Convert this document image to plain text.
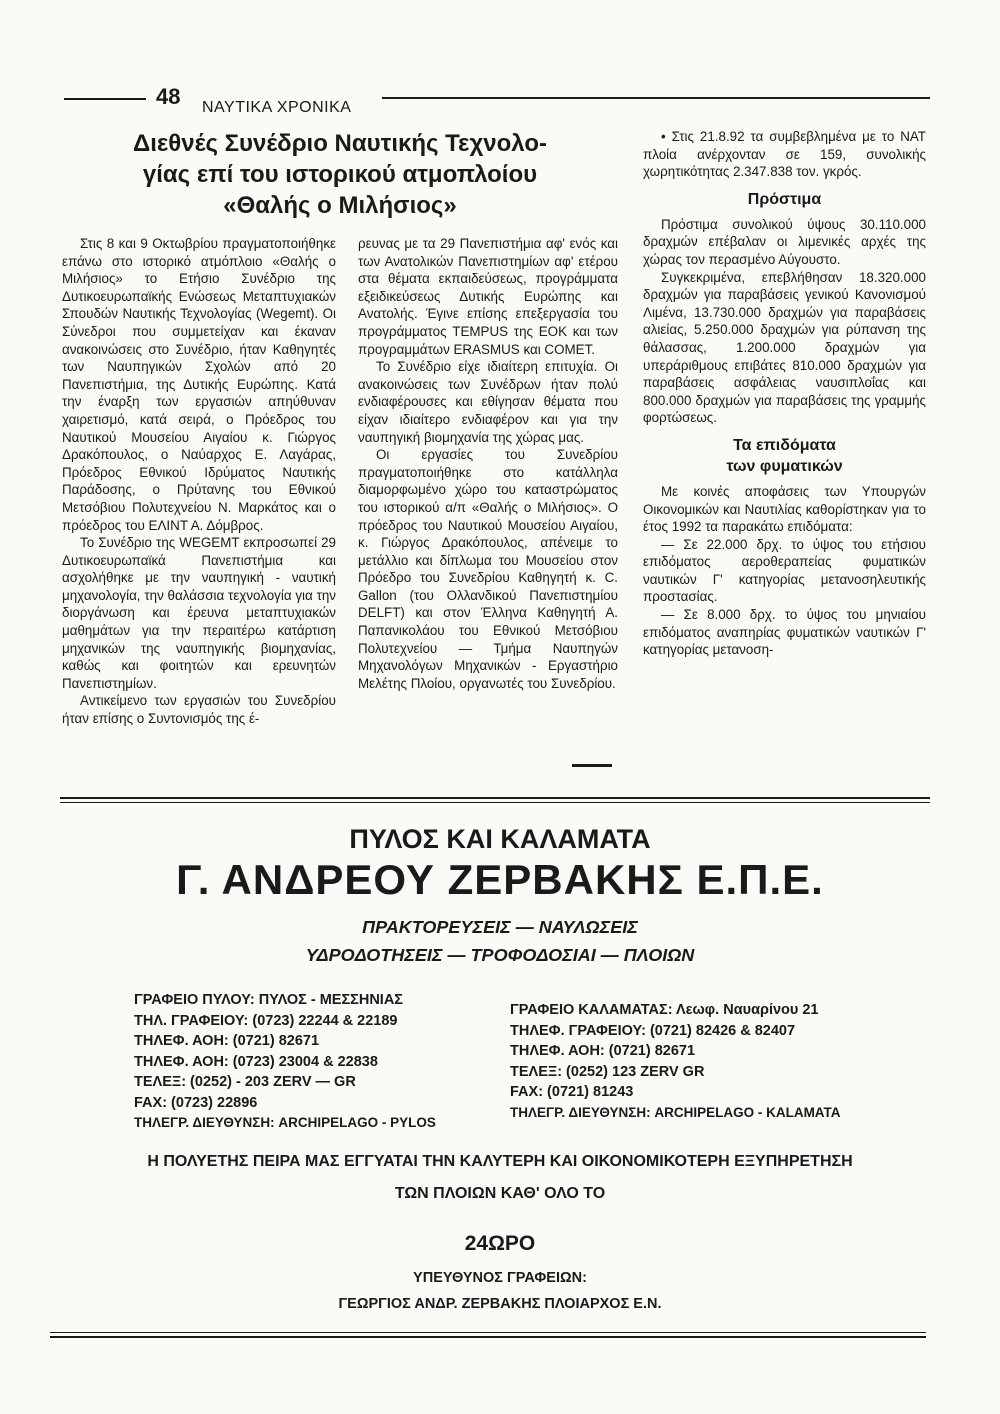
48 ΝΑΥΤΙΚΑ ΧΡΟΝΙΚΑ
Διεθνές Συνέδριο Ναυτικής Τεχνολο-
γίας επί του ιστορικού ατμοπλοίου
«Θαλής ο Μιλήσιος»

Στις 8 και 9 Οκτωβρίου πραγματοποιήθηκε επάνω στο ιστορικό ατμόπλοιο «Θαλής ο Μιλήσιος» το Ετήσιο Συνέδριο της Δυτικοευρωπαϊκής Ενώσεως Μεταπτυχιακών Σπουδών Ναυτικής Τεχνολογίας (Wegemt). Οι Σύνεδροι που συμμετείχαν και έκαναν ανακοινώσεις στο Συνέδριο, ήταν Καθηγητές των Ναυπηγικών Σχολών από 20 Πανεπιστήμια, της Δυτικής Ευρώπης. Κατά την έναρξη των εργασιών απηύθυναν χαιρετισμό, κατά σειρά, ο Πρόεδρος του Ναυτικού Μουσείου Αιγαίου κ. Γιώργος Δρακόπουλος, ο Ναύαρχος Ε. Λαγάρας, Πρόεδρος Εθνικού Ιδρύματος Ναυτικής Παράδοσης, ο Πρύτανης του Εθνικού Μετσόβιου Πολυτεχνείου Ν. Μαρκάτος και ο πρόεδρος του ΕΛΙΝΤ Α. Δόμβρος.

Το Συνέδριο της WEGEMT εκπροσωπεί 29 Δυτικοευρωπαϊκά Πανεπιστήμια και ασχολήθηκε με την ναυπηγική - ναυτική μηχανολογία, την θαλάσσια τεχνολογία για την διοργάνωση και έρευνα μεταπτυχιακών μαθημάτων για την περαιτέρω κατάρτιση μηχανικών της ναυπηγικής βιομηχανίας, καθώς και φοιτητών και ερευνητών Πανεπιστημίων.

Αντικείμενο των εργασιών του Συνεδρίου ήταν επίσης ο Συντονισμός της έ-

ρευνας με τα 29 Πανεπιστήμια αφ' ενός και των Ανατολικών Πανεπιστημίων αφ' ετέρου στα θέματα εκπαιδεύσεως, προγράμματα εξειδικεύσεως Δυτικής Ευρώπης και Ανατολής. Έγινε επίσης επεξεργασία του προγράμματος TEMPUS της ΕΟΚ και των προγραμμάτων ERASMUS και COMET.

Το Συνέδριο είχε ιδιαίτερη επιτυχία. Οι ανακοινώσεις των Συνέδρων ήταν πολύ ενδιαφέρουσες και εθίγησαν θέματα που είχαν ιδιαίτερο ενδιαφέρον και για την ναυπηγική βιομηχανία της χώρας μας.

Οι εργασίες του Συνεδρίου πραγματοποιήθηκε στο κατάλληλα διαμορφωμένο χώρο του καταστρώματος του ιστορικού α/π «Θαλής ο Μιλήσιος». Ο πρόεδρος του Ναυτικού Μουσείου Αιγαίου, κ. Γιώργος Δρακόπουλος, απένειμε το μετάλλιο και δίπλωμα του Μουσείου στον Πρόεδρο του Συνεδρίου Καθηγητή κ. C. Gallon (του Ολλανδικού Πανεπιστημίου DELFT) και στον Έλληνα Καθηγητή Α. Παπανικολάου του Εθνικού Μετσόβιου Πολυτεχνείου — Τμήμα Ναυπηγών Μηχανολόγων Μηχανικών - Εργαστήριο Μελέτης Πλοίου, οργανωτές του Συνεδρίου.

• Στις 21.8.92 τα συμβεβλημένα με το ΝΑΤ πλοία ανέρχονταν σε 159, συνολικής χωρητικότητας 2.347.838 τον. γκρός.

Πρόστιμα

Πρόστιμα συνολικού ύψους 30.110.000 δραχμών επέβαλαν οι λιμενικές αρχές της χώρας τον περασμένο Αύγουστο.

Συγκεκριμένα, επεβλήθησαν 18.320.000 δραχμών για παραβάσεις γενικού Κανονισμού Λιμένα, 13.730.000 δραχμών για παραβάσεις αλιείας, 5.250.000 δραχμών για ρύπανση της θάλασσας, 1.200.000 δραχμών για υπεράριθμους επιβάτες 810.000 δραχμών για παραβάσεις ασφάλειας ναυσιπλοΐας και 800.000 δραχμών για παραβάσεις της γραμμής φορτώσεως.

Τα επιδόματα

των φυματικών

Με κοινές αποφάσεις των Υπουργών Οικονομικών και Ναυτιλίας καθορίστηκαν για το έτος 1992 τα παρακάτω επιδόματα:

— Σε 22.000 δρχ. το ύψος του ετήσιου επιδόματος αεροθεραπείας φυματικών ναυτικών Γ' κατηγορίας μετανοσηλευτικής προστασίας.

— Σε 8.000 δρχ. το ύψος του μηνιαίου επιδόματος αναπηρίας φυματικών ναυτικών Γ' κατηγορίας μετανοση-

ΠΥΛΟΣ ΚΑΙ ΚΑΛΑΜΑΤΑ
Γ. ΑΝΔΡΕΟΥ ΖΕΡΒΑΚΗΣ Ε.Π.Ε.
ΠΡΑΚΤΟΡΕΥΣΕΙΣ — ΝΑΥΛΩΣΕΙΣ
ΥΔΡΟΔΟΤΗΣΕΙΣ — ΤΡΟΦΟΔΟΣΙΑΙ — ΠΛΟΙΩΝ
ΓΡΑΦΕΙΟ ΠΥΛΟΥ: ΠΥΛΟΣ - ΜΕΣΣΗΝΙΑΣ
ΤΗΛ. ΓΡΑΦΕΙΟΥ: (0723) 22244 & 22189
ΤΗΛΕΦ. ΑΟΗ: (0721) 82671
ΤΗΛΕΦ. ΑΟΗ: (0723) 23004 & 22838
ΤΕΛΕΞ: (0252) - 203 ZERV — GR
FAX: (0723) 22896
ΤΗΛΕΓΡ. ΔΙΕΥΘΥΝΣΗ: ARCHIPELAGO - PYLOS
ΓΡΑΦΕΙΟ ΚΑΛΑΜΑΤΑΣ: Λεωφ. Ναυαρίνου 21
ΤΗΛΕΦ. ΓΡΑΦΕΙΟΥ: (0721) 82426 & 82407
ΤΗΛΕΦ. ΑΟΗ: (0721) 82671
ΤΕΛΕΞ: (0252) 123 ZERV GR
FAX: (0721) 81243
ΤΗΛΕΓΡ. ΔΙΕΥΘΥΝΣΗ: ARCHIPELAGO - KALAMATA
Η ΠΟΛΥΕΤΗΣ ΠΕΙΡΑ ΜΑΣ ΕΓΓΥΑΤΑΙ ΤΗΝ ΚΑΛΥΤΕΡΗ ΚΑΙ ΟΙΚΟΝΟΜΙΚΟΤΕΡΗ ΕΞΥΠΗΡΕΤΗΣΗ
ΤΩΝ ΠΛΟΙΩΝ ΚΑΘ' ΟΛΟ ΤΟ
24ΩΡΟ
ΥΠΕΥΘΥΝΟΣ ΓΡΑΦΕΙΩΝ:
ΓΕΩΡΓΙΟΣ ΑΝΔΡ. ΖΕΡΒΑΚΗΣ ΠΛΟΙΑΡΧΟΣ Ε.Ν.
